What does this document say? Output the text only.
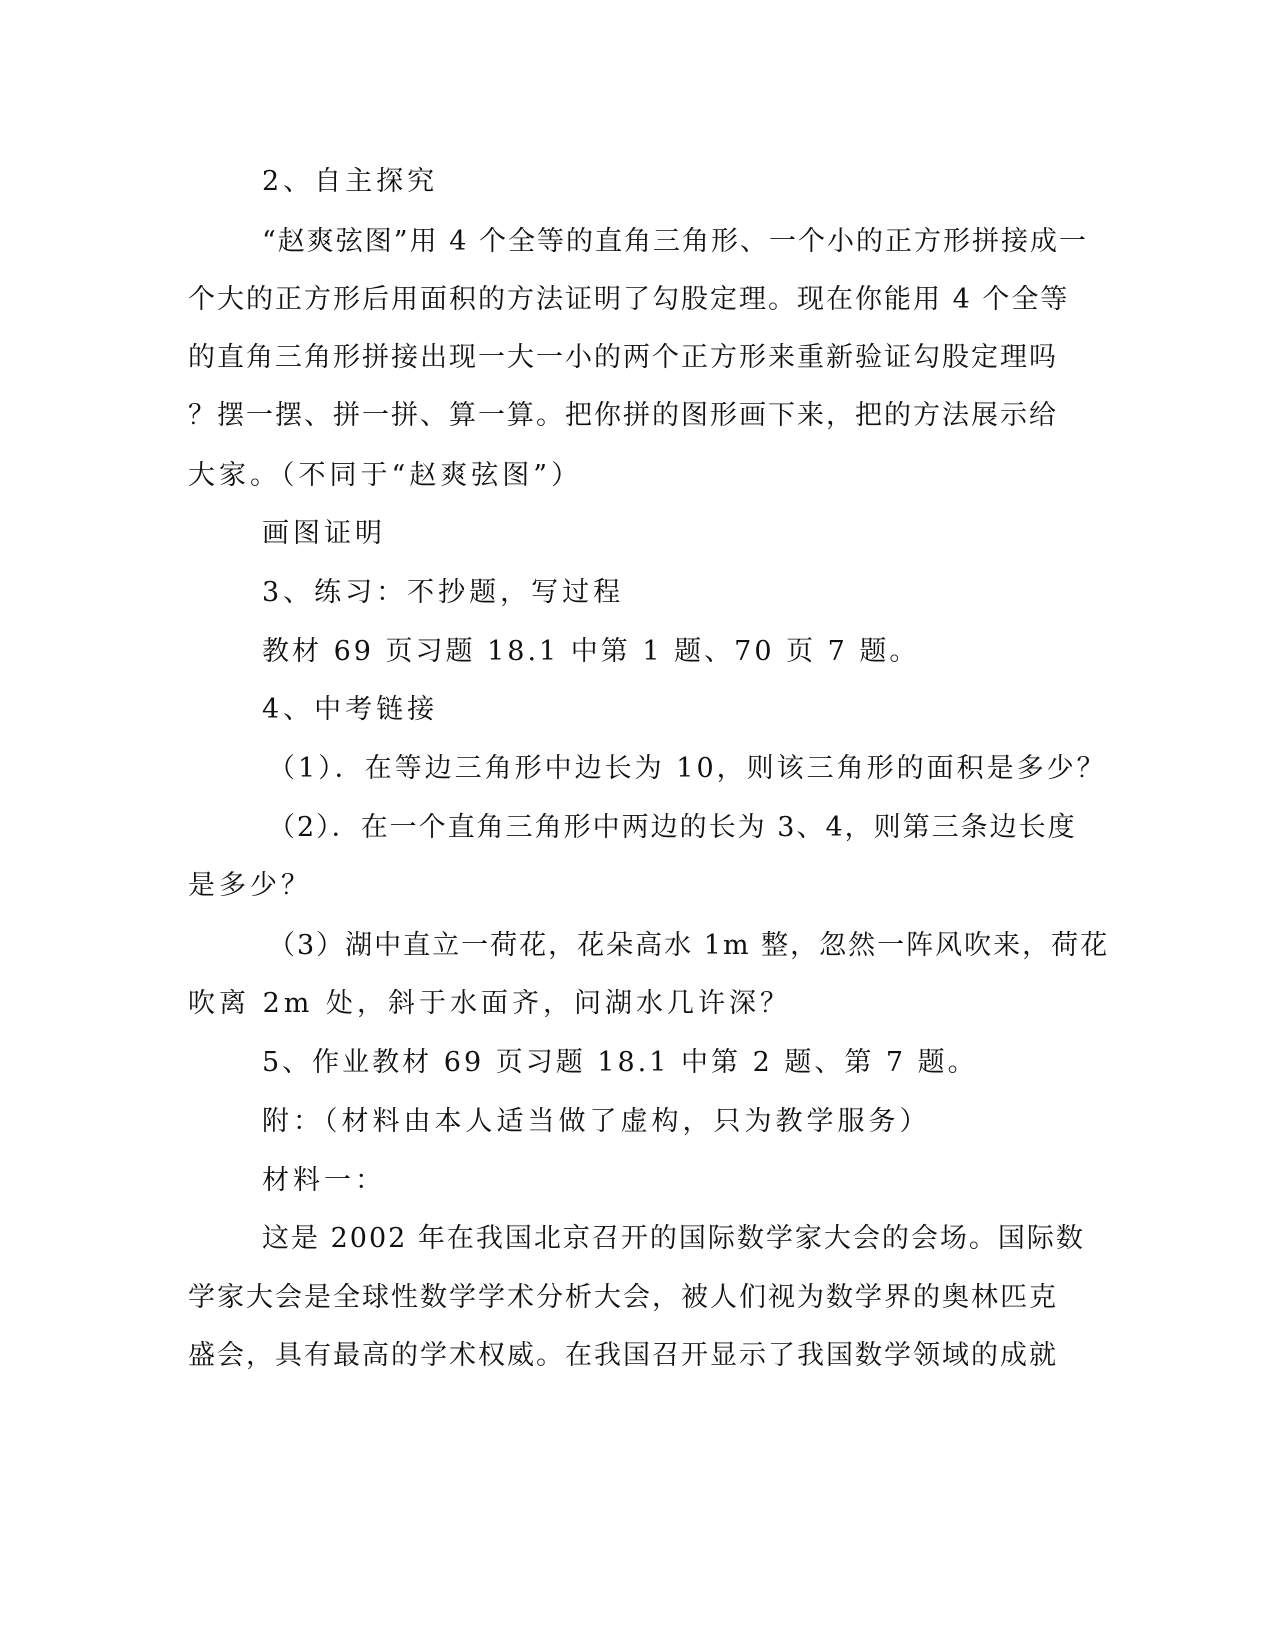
2、自主探究
“赵爽弦图”用 4 个全等的直角三角形、一个小的正方形拼接成一
个大的正方形后用面积的方法证明了勾股定理。现在你能用 4 个全等
的直角三角形拼接出现一大一小的两个正方形来重新验证勾股定理吗
？摆一摆、拼一拼、算一算。把你拼的图形画下来，把的方法展示给
大家。（不同于“赵爽弦图”）
画图证明
3、练习：不抄题，写过程
教材 69 页习题 18.1 中第 1 题、70 页 7 题。
4、中考链接
（1）．在等边三角形中边长为 10，则该三角形的面积是多少？
（2）．在一个直角三角形中两边的长为 3、4，则第三条边长度
是多少？
（3）湖中直立一荷花，花朵高水 1m 整，忽然一阵风吹来，荷花
吹离 2m 处，斜于水面齐，问湖水几许深？
5、作业教材 69 页习题 18.1 中第 2 题、第 7 题。
附：（材料由本人适当做了虚构，只为教学服务）
材料一：
这是 2002 年在我国北京召开的国际数学家大会的会场。国际数
学家大会是全球性数学学术分析大会，被人们视为数学界的奥林匹克
盛会，具有最高的学术权威。在我国召开显示了我国数学领域的成就
